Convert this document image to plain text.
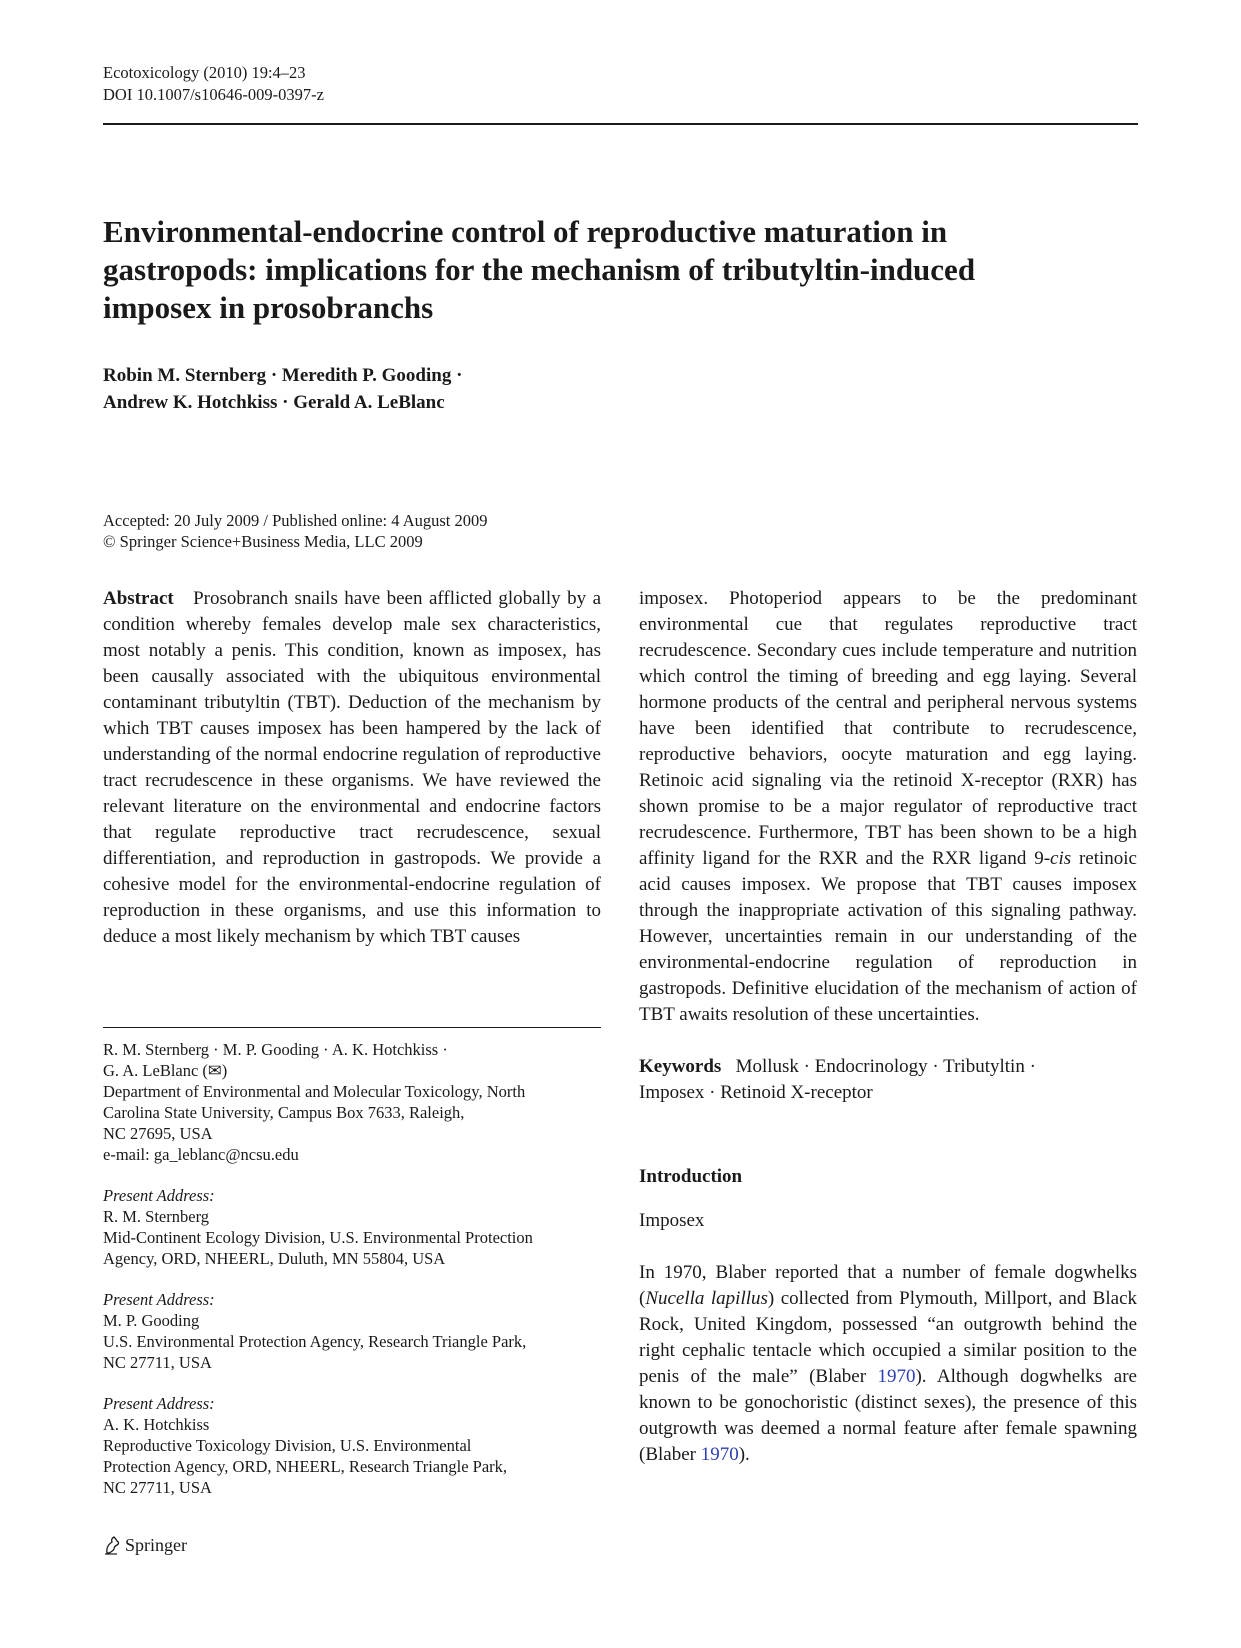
Ecotoxicology (2010) 19:4–23
DOI 10.1007/s10646-009-0397-z
Environmental-endocrine control of reproductive maturation in gastropods: implications for the mechanism of tributyltin-induced imposex in prosobranchs
Robin M. Sternberg · Meredith P. Gooding ·
Andrew K. Hotchkiss · Gerald A. LeBlanc
Accepted: 20 July 2009 / Published online: 4 August 2009
© Springer Science+Business Media, LLC 2009

Abstract Prosobranch snails have been afflicted globally by a condition whereby females develop male sex characteristics, most notably a penis. This condition, known as imposex, has been causally associated with the ubiquitous environmental contaminant tributyltin (TBT). Deduction of the mechanism by which TBT causes imposex has been hampered by the lack of understanding of the normal endocrine regulation of reproductive tract recrudescence in these organisms. We have reviewed the relevant literature on the environmental and endocrine factors that regulate reproductive tract recrudescence, sexual differentiation, and reproduction in gastropods. We provide a cohesive model for the environmental-endocrine regulation of reproduction in these organisms, and use this information to deduce a most likely mechanism by which TBT causes

R. M. Sternberg · M. P. Gooding · A. K. Hotchkiss ·
G. A. LeBlanc (✉)
Department of Environmental and Molecular Toxicology, North
Carolina State University, Campus Box 7633, Raleigh,
NC 27695, USA
e-mail: ga_leblanc@ncsu.edu

Present Address:
R. M. Sternberg
Mid-Continent Ecology Division, U.S. Environmental Protection
Agency, ORD, NHEERL, Duluth, MN 55804, USA

Present Address:
M. P. Gooding
U.S. Environmental Protection Agency, Research Triangle Park,
NC 27711, USA

Present Address:
A. K. Hotchkiss
Reproductive Toxicology Division, U.S. Environmental
Protection Agency, ORD, NHEERL, Research Triangle Park,
NC 27711, USA

imposex. Photoperiod appears to be the predominant environmental cue that regulates reproductive tract recrudescence. Secondary cues include temperature and nutrition which control the timing of breeding and egg laying. Several hormone products of the central and peripheral nervous systems have been identified that contribute to recrudescence, reproductive behaviors, oocyte maturation and egg laying. Retinoic acid signaling via the retinoid X-receptor (RXR) has shown promise to be a major regulator of reproductive tract recrudescence. Furthermore, TBT has been shown to be a high affinity ligand for the RXR and the RXR ligand 9-cis retinoic acid causes imposex. We propose that TBT causes imposex through the inappropriate activation of this signaling pathway. However, uncertainties remain in our understanding of the environmental-endocrine regulation of reproduction in gastropods. Definitive elucidation of the mechanism of action of TBT awaits resolution of these uncertainties.

Keywords Mollusk · Endocrinology · Tributyltin ·
Imposex · Retinoid X-receptor

Introduction

Imposex

In 1970, Blaber reported that a number of female dogwhelks (Nucella lapillus) collected from Plymouth, Millport, and Black Rock, United Kingdom, possessed “an outgrowth behind the right cephalic tentacle which occupied a similar position to the penis of the male” (Blaber 1970). Although dogwhelks are known to be gonochoristic (distinct sexes), the presence of this outgrowth was deemed a normal feature after female spawning (Blaber 1970).

Springer
